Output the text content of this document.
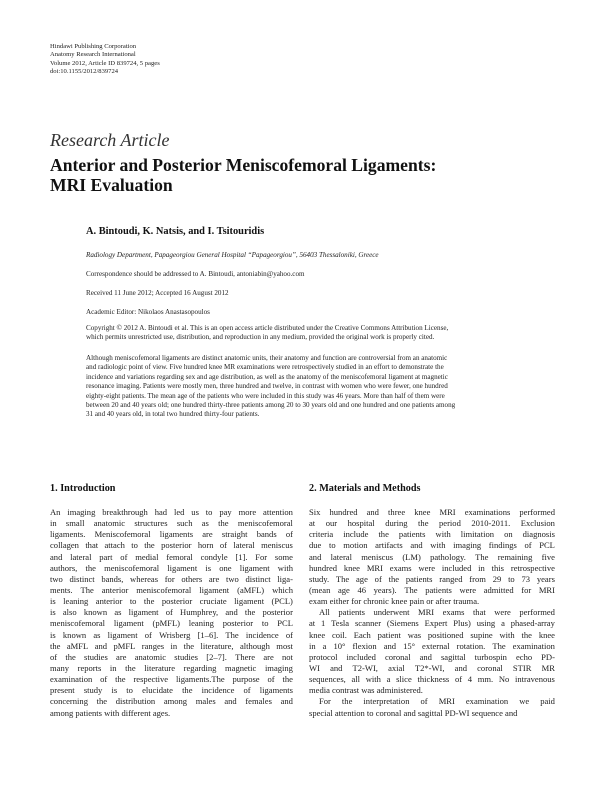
Hindawi Publishing Corporation
Anatomy Research International
Volume 2012, Article ID 839724, 5 pages
doi:10.1155/2012/839724
Research Article
Anterior and Posterior Meniscofemoral Ligaments:
MRI Evaluation
A. Bintoudi, K. Natsis, and I. Tsitouridis
Radiology Department, Papageorgiou General Hospital “Papageorgiou”, 56403 Thessaloniki, Greece
Correspondence should be addressed to A. Bintoudi, antoniabin@yahoo.com
Received 11 June 2012; Accepted 16 August 2012
Academic Editor: Nikolaos Anastasopoulos
Copyright © 2012 A. Bintoudi et al. This is an open access article distributed under the Creative Commons Attribution License,
which permits unrestricted use, distribution, and reproduction in any medium, provided the original work is properly cited.
Although meniscofemoral ligaments are distinct anatomic units, their anatomy and function are controversial from an anatomic
and radiologic point of view. Five hundred knee MR examinations were retrospectively studied in an effort to demonstrate the
incidence and variations regarding sex and age distribution, as well as the anatomy of the meniscofemoral ligament at magnetic
resonance imaging. Patients were mostly men, three hundred and twelve, in contrast with women who were fewer, one hundred
eighty-eight patients. The mean age of the patients who were included in this study was 46 years. More than half of them were
between 20 and 40 years old; one hundred thirty-three patients among 20 to 30 years old and one hundred and one patients among
31 and 40 years old, in total two hundred thirty-four patients.
1. Introduction	2. Materials and Methods
An imaging breakthrough had led us to pay more attention
in small anatomic structures such as the meniscofemoral
ligaments. Meniscofemoral ligaments are straight bands of
collagen that attach to the posterior horn of lateral meniscus
and lateral part of medial femoral condyle [1]. For some
authors, the meniscofemoral ligament is one ligament with
two distinct bands, whereas for others are two distinct liga-
ments. The anterior meniscofemoral ligament (aMFL) which
is leaning anterior to the posterior cruciate ligament (PCL)
is also known as ligament of Humphrey, and the posterior
meniscofemoral ligament (pMFL) leaning posterior to PCL
is known as ligament of Wrisberg [1–6]. The incidence of
the aMFL and pMFL ranges in the literature, although most
of the studies are anatomic studies [2–7]. There are not
many reports in the literature regarding magnetic imaging
examination of the respective ligaments.The purpose of the
present study is to elucidate the incidence of ligaments
concerning the distribution among males and females and
among patients with different ages.
Six hundred and three knee MRI examinations performed
at our hospital during the period 2010-2011. Exclusion
criteria include the patients with limitation on diagnosis
due to motion artifacts and with imaging findings of PCL
and lateral meniscus (LM) pathology. The remaining five
hundred knee MRI exams were included in this retrospective
study. The age of the patients ranged from 29 to 73 years
(mean age 46 years). The patients were admitted for MRI
exam either for chronic knee pain or after trauma.
All patients underwent MRI exams that were performed
at 1 Tesla scanner (Siemens Expert Plus) using a phased-array
knee coil. Each patient was positioned supine with the knee
in a 10° flexion and 15° external rotation. The examination
protocol included coronal and sagittal turbospin echo PD-
WI and T2-WI, axial T2*-WI, and coronal STIR MR
sequences, all with a slice thickness of 4 mm. No intravenous
media contrast was administered.
For the interpretation of MRI examination we paid
special attention to coronal and sagittal PD-WI sequence and
